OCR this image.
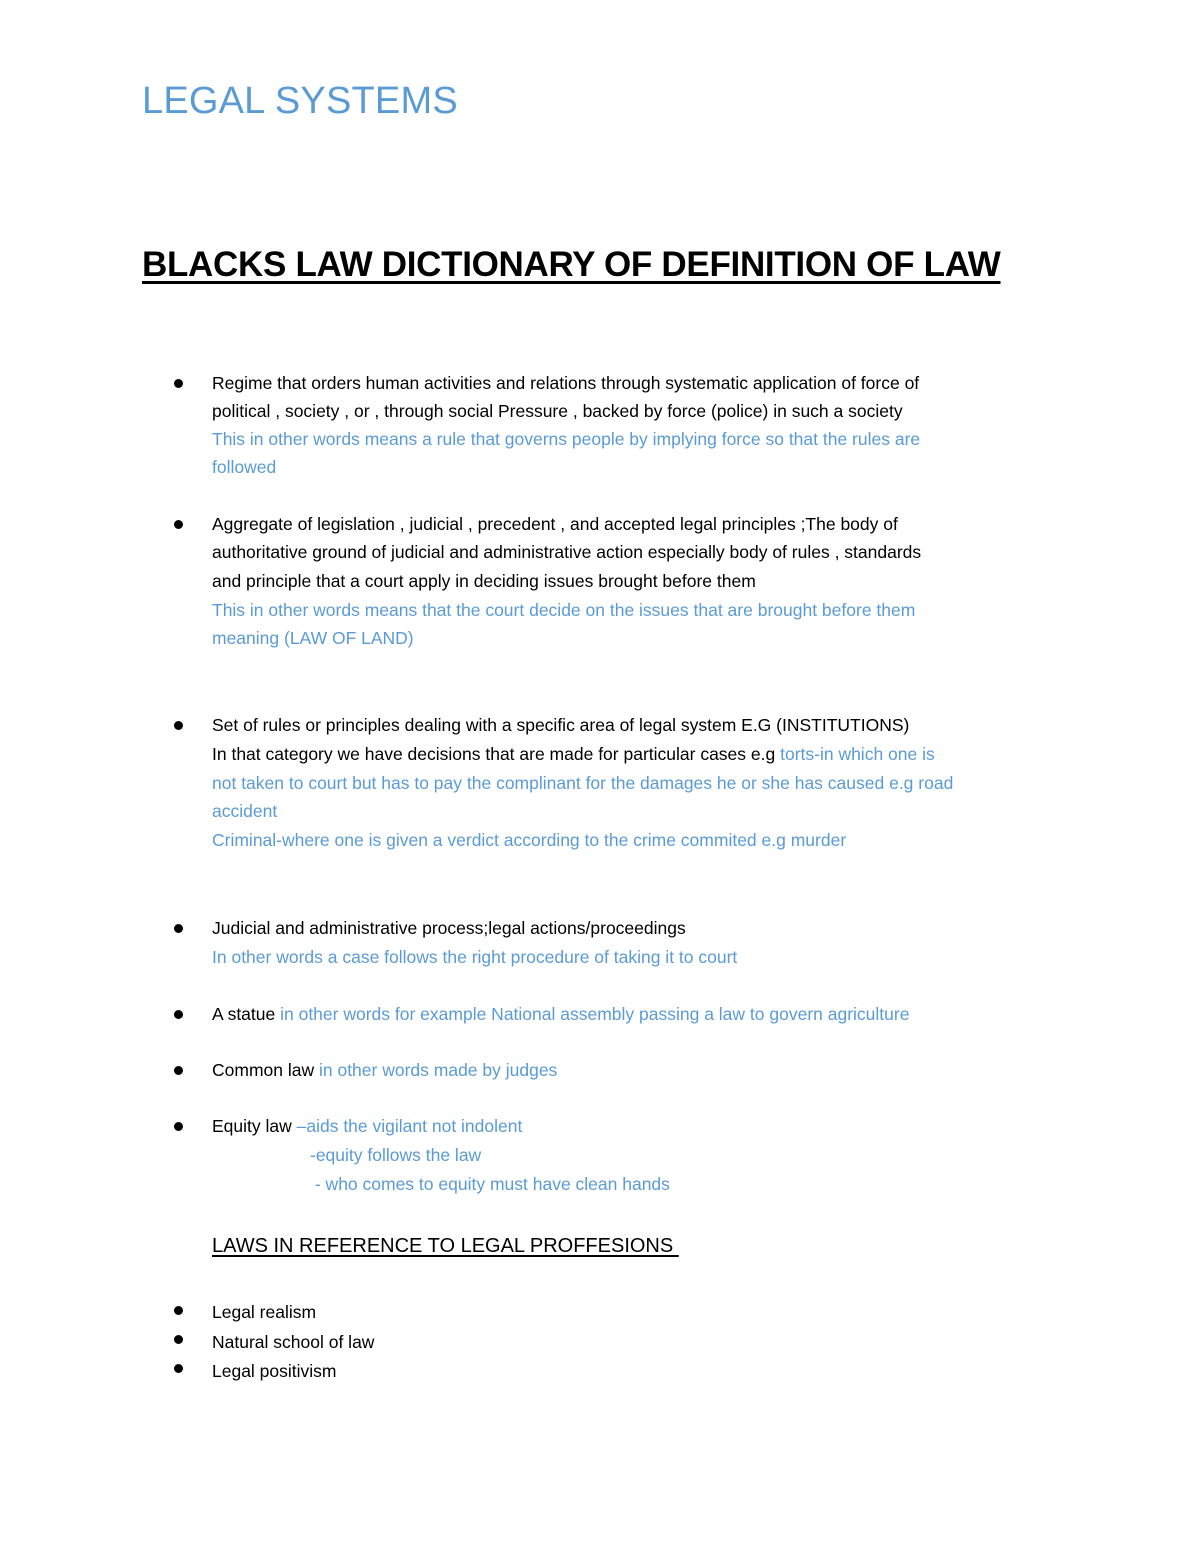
LEGAL SYSTEMS
BLACKS LAW DICTIONARY OF DEFINITION OF LAW
Regime that orders human activities and relations through systematic application of force of
political , society , or , through social Pressure , backed by force (police) in such a society
This in other words means a rule that governs people by implying force so that the rules are
followed
Aggregate of legislation , judicial , precedent , and accepted legal principles ;The body of
authoritative ground of judicial and administrative action especially body of rules , standards
and principle that a court apply in deciding issues brought before them
This in other words means that the court decide on the issues that are brought before them
meaning (LAW OF LAND)
Set of rules or principles dealing with a specific area of legal system E.G (INSTITUTIONS)
In that category we have decisions that are made for particular cases e.g torts-in which one is
not taken to court but has to pay the complinant for the damages he or she has caused e.g road
accident
Criminal-where one is given a verdict according to the crime commited e.g murder
Judicial and administrative process;legal actions/proceedings
In other words a case follows the right procedure of taking it to court
A statue in other words for example National assembly passing a law to govern agriculture
Common law in other words made by judges
Equity law –aids the vigilant not indolent
-equity follows the law
- who comes to equity must have clean hands
LAWS IN REFERENCE TO LEGAL PROFFESIONS
Legal realism
Natural school of law
Legal positivism
